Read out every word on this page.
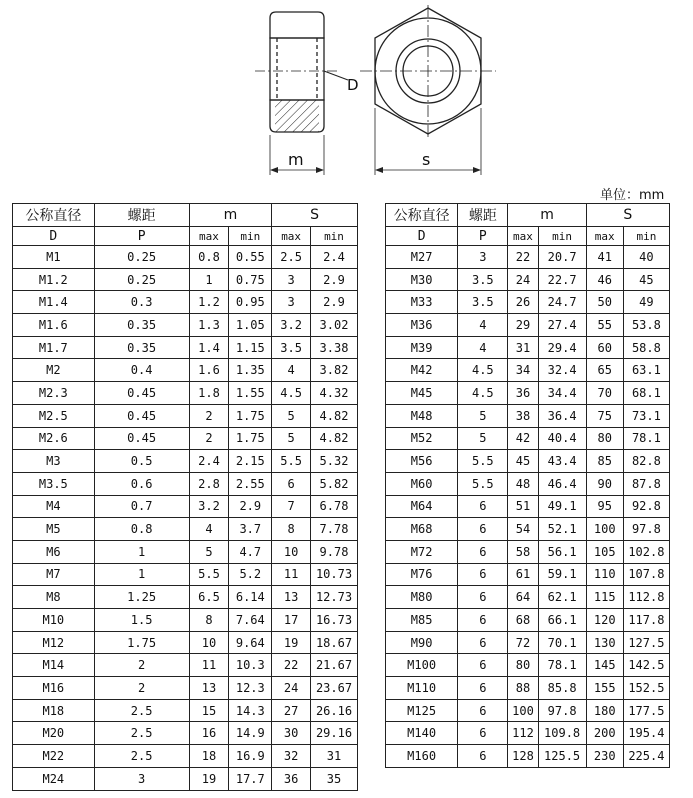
D
m	s
单位：mm
公称直径	螺距	m		S	
D	P				
		max	min	max	min
M1	0.25	0.8	0.55	2.5	2.4
M1.2	0.25	1	0.75	3	2.9
M1.4	0.3	1.2	0.95	3	2.9
M1.6	0.35	1.3	1.05	3.2	3.02
M1.7	0.35	1.4	1.15	3.5	3.38
M2	0.4	1.6	1.35	4	3.82
M2.3	0.45	1.8	1.55	4.5	4.32
M2.5	0.45	2	1.75	5	4.82
M2.6	0.45	2	1.75	5	4.82
M3	0.5	2.4	2.15	5.5	5.32
M3.5	0.6	2.8	2.55	6	5.82
M4	0.7	3.2	2.9	7	6.78
M5	0.8	4	3.7	8	7.78
M6	1	5	4.7	10	9.78
M7	1	5.5	5.2	11	10.73
M8	1.25	6.5	6.14	13	12.73
M10	1.5	8	7.64	17	16.73
M12	1.75	10	9.64	19	18.67
M14	2	11	10.3	22	21.67
M16	2	13	12.3	24	23.67
M18	2.5	15	14.3	27	26.16
M20	2.5	16	14.9	30	29.16
M22	2.5	18	16.9	32	31
M24	3	19	17.7	36	35
公称直径	螺距	m		S	
D	P				
		max	min	max	min
M27	3	22	20.7	41	40
M30	3.5	24	22.7	46	45
M33	3.5	26	24.7	50	49
M36	4	29	27.4	55	53.8
M39	4	31	29.4	60	58.8
M42	4.5	34	32.4	65	63.1
M45	4.5	36	34.4	70	68.1
M48	5	38	36.4	75	73.1
M52	5	42	40.4	80	78.1
M56	5.5	45	43.4	85	82.8
M60	5.5	48	46.4	90	87.8
M64	6	51	49.1	95	92.8
M68	6	54	52.1	100	97.8
M72	6	58	56.1	105	102.8
M76	6	61	59.1	110	107.8
M80	6	64	62.1	115	112.8
M85	6	68	66.1	120	117.8
M90	6	72	70.1	130	127.5
M100	6	80	78.1	145	142.5
M110	6	88	85.8	155	152.5
M125	6	100	97.8	180	177.5
M140	6	112	109.8	200	195.4
M160	6	128	125.5	230	225.4
